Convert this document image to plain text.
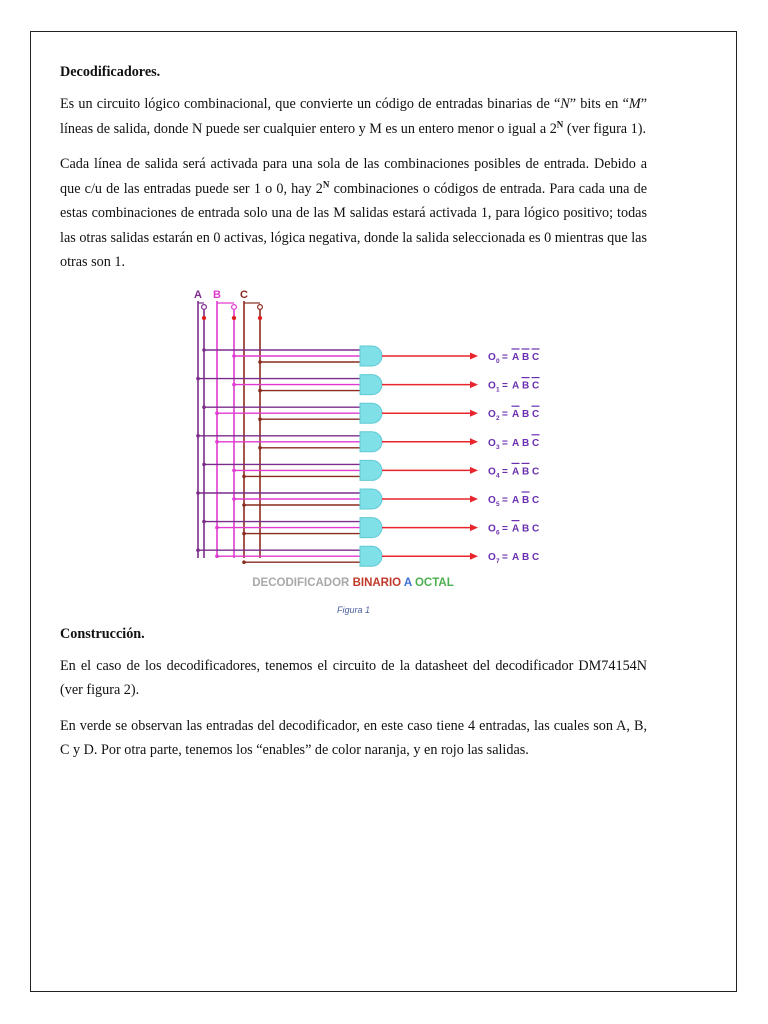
Decodificadores.

Es un circuito lógico combinacional, que convierte un código de entradas binarias de “N” bits en “M” líneas de salida, donde N puede ser cualquier entero y M es un entero menor o igual a $2^N$ (ver figura 1).

Cada línea de salida será activada para una sola de las combinaciones posibles de entrada. Debido a que c/u de las entradas puede ser 1 o 0, hay $2^N$ combinaciones o códigos de entrada. Para cada una de estas combinaciones de entrada solo una de las M salidas estará activada 1, para lógico positivo; todas las otras salidas estarán en 0 activas, lógica negativa, donde la salida seleccionada es 0 mientras que las otras son 1.

A B C
O 0 = A B C
O 1 = A B C
O 2 = A B C
O 3 = A B C
O 4 = A B C
O 5 = A B C
O 6 = A B C
O 7 = A B C
DECODIFICADOR BINARIO A OCTAL
Figura 1
Construcción.

En el caso de los decodificadores, tenemos el circuito de la datasheet del decodificador DM74154N (ver figura 2).

En verde se observan las entradas del decodificador, en este caso tiene 4 entradas, las cuales son A, B, C y D. Por otra parte, tenemos los “enables” de color naranja, y en rojo las salidas.
